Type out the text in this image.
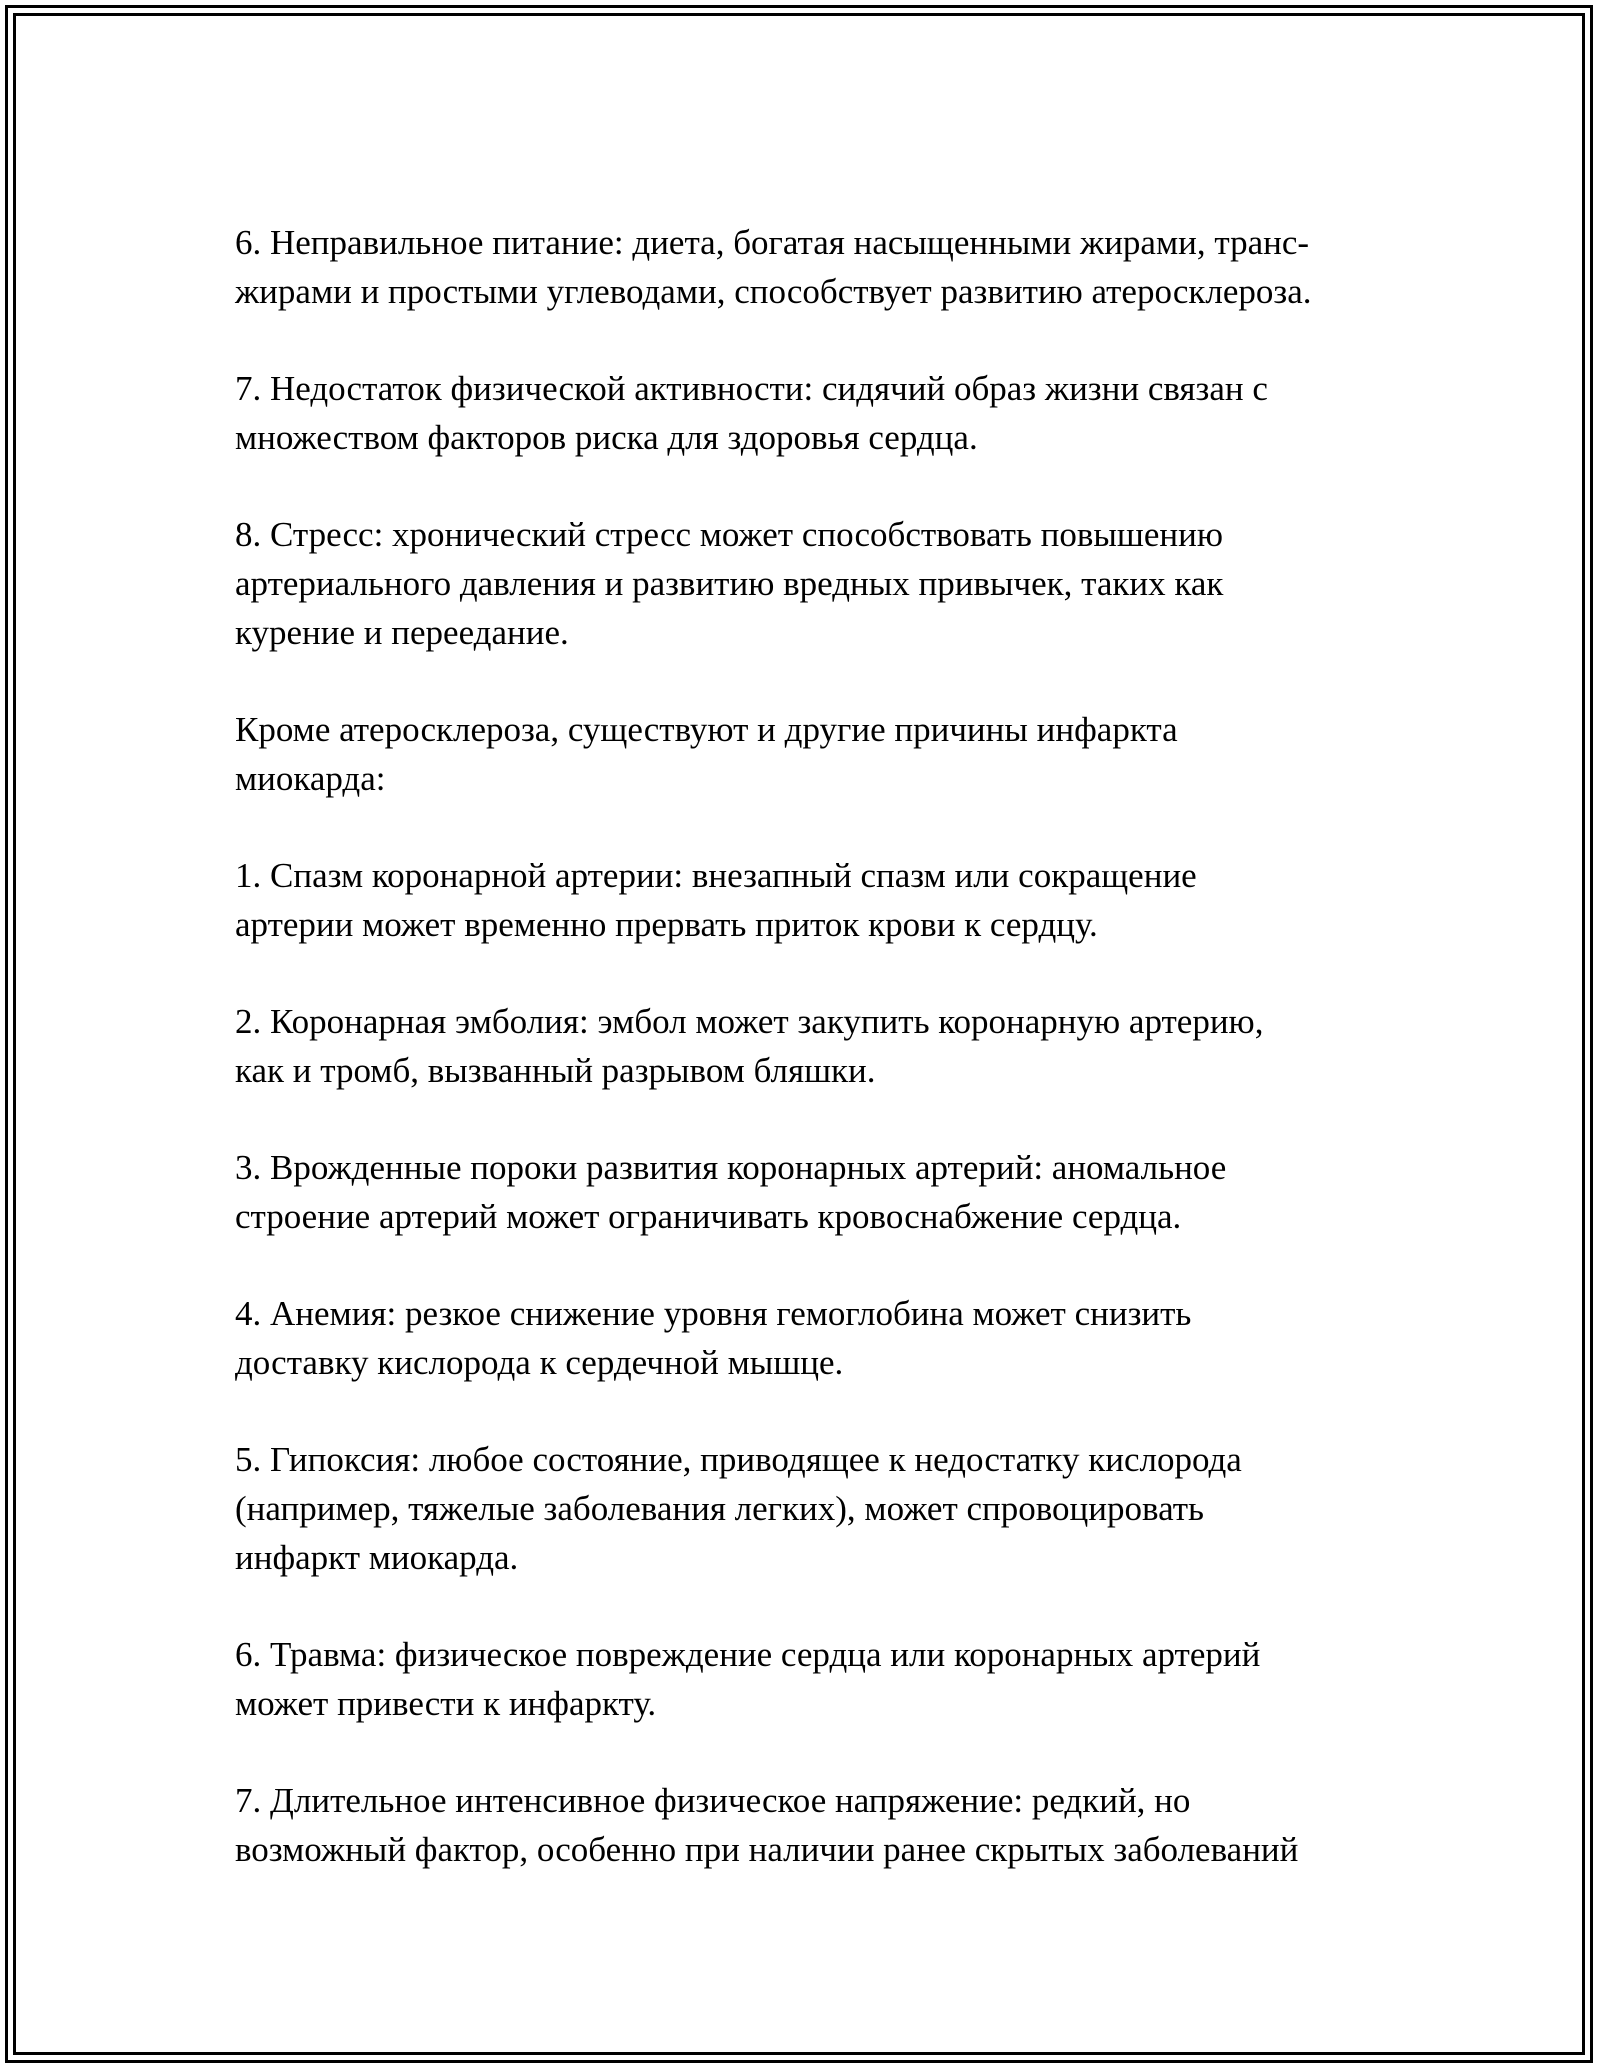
6. Неправильное питание: диета, богатая насыщенными жирами, транс-
жирами и простыми углеводами, способствует развитию атеросклероза.

7. Недостаток физической активности: сидячий образ жизни связан с
множеством факторов риска для здоровья сердца.

8. Стресс: хронический стресс может способствовать повышению
артериального давления и развитию вредных привычек, таких как
курение и переедание.

Кроме атеросклероза, существуют и другие причины инфаркта
миокарда:

1. Спазм коронарной артерии: внезапный спазм или сокращение
артерии может временно прервать приток крови к сердцу.

2. Коронарная эмболия: эмбол может закупить коронарную артерию,
как и тромб, вызванный разрывом бляшки.

3. Врожденные пороки развития коронарных артерий: аномальное
строение артерий может ограничивать кровоснабжение сердца.

4. Анемия: резкое снижение уровня гемоглобина может снизить
доставку кислорода к сердечной мышце.

5. Гипоксия: любое состояние, приводящее к недостатку кислорода
(например, тяжелые заболевания легких), может спровоцировать
инфаркт миокарда.

6. Травма: физическое повреждение сердца или коронарных артерий
может привести к инфаркту.

7. Длительное интенсивное физическое напряжение: редкий, но
возможный фактор, особенно при наличии ранее скрытых заболеваний
